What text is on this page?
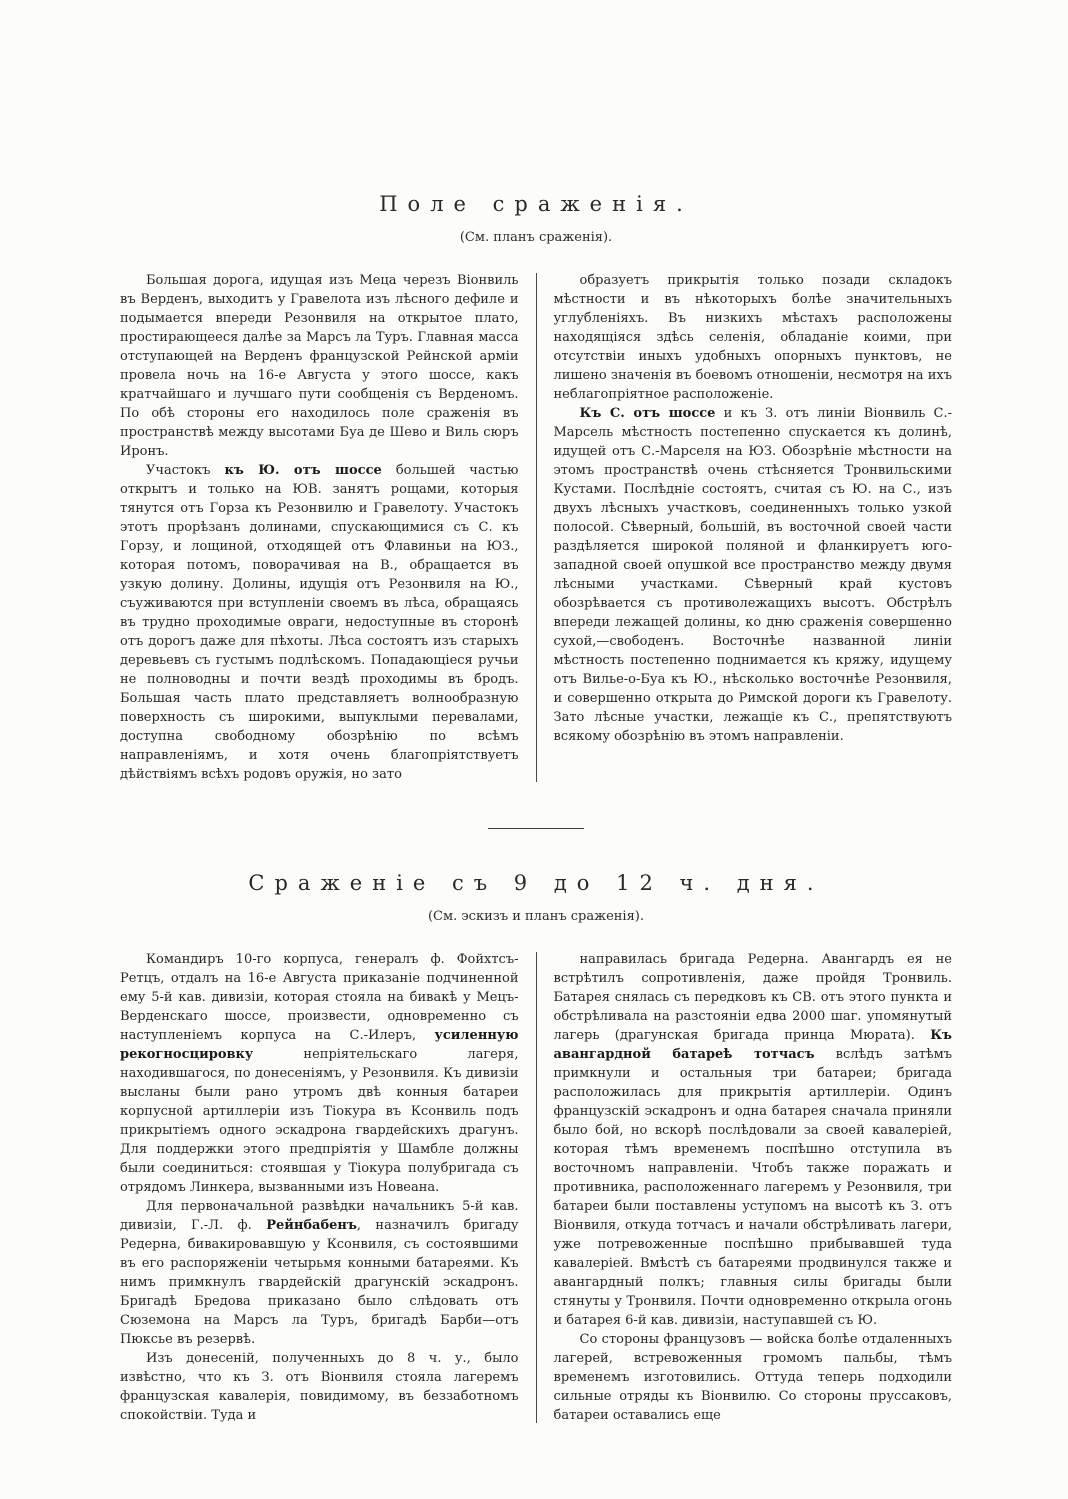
Поле сраженія.
(См. планъ сраженія).

Большая дорога, идущая изъ Меца черезъ Віонвиль въ Верденъ, выходитъ у Гравелота изъ лѣсного дефиле и подымается впереди Резонвиля на открытое плато, простирающееся далѣе за Марсъ ла Туръ. Главная масса отступающей на Верденъ французской Рейнской арміи провела ночь на 16-е Августа у этого шоссе, какъ кратчайшаго и лучшаго пути сообщенія съ Верденомъ. По обѣ стороны его находилось поле сраженія въ пространствѣ между высотами Буа де Шево и Виль сюръ Иронъ.

Участокъ къ Ю. отъ шоссе большей частью открытъ и только на ЮВ. занятъ рощами, которыя тянутся отъ Горза къ Резонвилю и Гравелоту. Участокъ этотъ прорѣзанъ долинами, спускающимися съ С. къ Горзу, и лощиной, отходящей отъ Флавиньи на ЮЗ., которая потомъ, поворачивая на В., обращается въ узкую долину. Долины, идущія отъ Резонвиля на Ю., съуживаются при вступленіи своемъ въ лѣса, обращаясь въ трудно проходимые овраги, недоступные въ сторонѣ отъ дорогъ даже для пѣхоты. Лѣса состоятъ изъ старыхъ деревьевъ съ густымъ подлѣскомъ. Попадающіеся ручьи не полноводны и почти вездѣ проходимы въ бродъ. Большая часть плато представляетъ волнообразную поверхность съ широкими, выпуклыми перевалами, доступна свободному обозрѣнію по всѣмъ направленіямъ, и хотя очень благопріятствуетъ дѣйствіямъ всѣхъ родовъ оружія, но зато

образуетъ прикрытія только позади складокъ мѣстности и въ нѣкоторыхъ болѣе значительныхъ углубленіяхъ. Въ низкихъ мѣстахъ расположены находящіяся здѣсь селенія, обладаніе коими, при отсутствіи иныхъ удобныхъ опорныхъ пунктовъ, не лишено значенія въ боевомъ отношеніи, несмотря на ихъ неблагопріятное расположеніе.

Къ С. отъ шоссе и къ З. отъ линіи Віонвиль С.-Марсель мѣстность постепенно спускается къ долинѣ, идущей отъ С.-Марселя на ЮЗ. Обозрѣніе мѣстности на этомъ пространствѣ очень стѣсняется Тронвильскими Кустами. Послѣдніе состоятъ, считая съ Ю. на С., изъ двухъ лѣсныхъ участковъ, соединенныхъ только узкой полосой. Сѣверный, большій, въ восточной своей части раздѣляется широкой поляной и фланкируетъ юго-западной своей опушкой все пространство между двумя лѣсными участками. Сѣверный край кустовъ обозрѣвается съ противолежащихъ высотъ. Обстрѣлъ впереди лежащей долины, ко дню сраженія совершенно сухой,—свободенъ. Восточнѣе названной линіи мѣстность постепенно поднимается къ кряжу, идущему отъ Вилье-о-Буа къ Ю., нѣсколько восточнѣе Резонвиля, и совершенно открыта до Римской дороги къ Гравелоту. Зато лѣсные участки, лежащіе къ С., препятствуютъ всякому обозрѣнію въ этомъ направленіи.

Сраженіе съ 9 до 12 ч. дня.
(См. эскизъ и планъ сраженія).

Командиръ 10-го корпуса, генералъ ф. Фойхтсъ-Ретцъ, отдалъ на 16-е Августа приказаніе подчиненной ему 5-й кав. дивизіи, которая стояла на бивакѣ у Мецъ-Верденскаго шоссе, произвести, одновременно съ наступленіемъ корпуса на С.-Илеръ, усиленную рекогносцировку непріятельскаго лагеря, находившагося, по донесеніямъ, у Резонвиля. Къ дивизіи высланы были рано утромъ двѣ конныя батареи корпусной артиллеріи изъ Тіокура въ Ксонвиль подъ прикрытіемъ одного эскадрона гвардейскихъ драгунъ. Для поддержки этого предпріятія у Шамбле должны были соединиться: стоявшая у Тіокура полубригада съ отрядомъ Линкера, вызванными изъ Новеана.

Для первоначальной развѣдки начальникъ 5-й кав. дивизіи, Г.-Л. ф. Рейнбабенъ, назначилъ бригаду Редерна, бивакировавшую у Ксонвиля, съ состоявшими въ его распоряженіи четырьмя конными батареями. Къ нимъ примкнулъ гвардейскій драгунскій эскадронъ. Бригадѣ Бредова приказано было слѣдовать отъ Сюземона на Марсъ ла Туръ, бригадѣ Барби—отъ Пюксье въ резервѣ.

Изъ донесеній, полученныхъ до 8 ч. у., было извѣстно, что къ З. отъ Віонвиля стояла лагеремъ французская кавалерія, повидимому, въ беззаботномъ спокойствіи. Туда и

направилась бригада Редерна. Авангардъ ея не встрѣтилъ сопротивленія, даже пройдя Тронвиль. Батарея снялась съ передковъ къ СВ. отъ этого пункта и обстрѣливала на разстояніи едва 2000 шаг. упомянутый лагерь (драгунская бригада принца Мюрата). Къ авангардной батареѣ тотчасъ вслѣдъ затѣмъ примкнули и остальныя три батареи; бригада расположилась для прикрытія артиллеріи. Одинъ французскій эскадронъ и одна батарея сначала приняли было бой, но вскорѣ послѣдовали за своей кавалеріей, которая тѣмъ временемъ поспѣшно отступила въ восточномъ направленіи. Чтобъ также поражать и противника, расположеннаго лагеремъ у Резонвиля, три батареи были поставлены уступомъ на высотѣ къ З. отъ Віонвиля, откуда тотчасъ и начали обстрѣливать лагери, уже потревоженные поспѣшно прибывавшей туда кавалеріей. Вмѣстѣ съ батареями продвинулся также и авангардный полкъ; главныя силы бригады были стянуты у Тронвиля. Почти одновременно открыла огонь и батарея 6-й кав. дивизіи, наступавшей съ Ю.

Со стороны французовъ — войска болѣе отдаленныхъ лагерей, встревоженныя громомъ пальбы, тѣмъ временемъ изготовились. Оттуда теперь подходили сильные отряды къ Віонвилю. Со стороны пруссаковъ, батареи оставались еще
